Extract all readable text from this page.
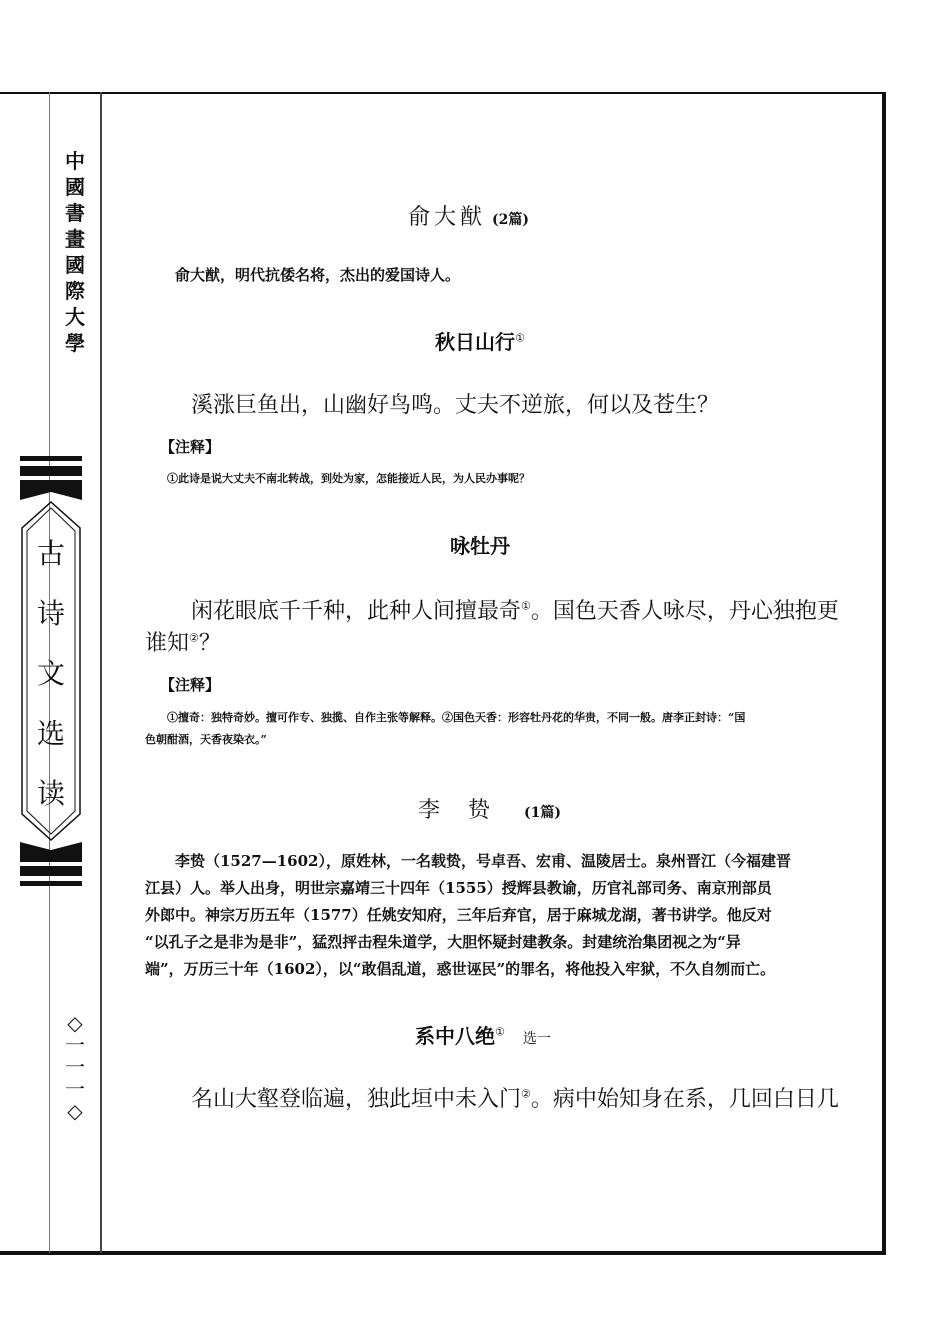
中
國
書
畫
國
際
大
學
古
诗
文
选
读
◇
一
一
一
◇

俞大猷 (2篇)

俞大猷，明代抗倭名将，杰出的爱国诗人。

秋日山行①

溪涨巨鱼出，山幽好鸟鸣。丈夫不逆旅，何以及苍生？

【注释】

①此诗是说大丈夫不南北转战，到处为家，怎能接近人民，为人民办事呢？

咏牡丹

闲花眼底千千种，此种人间擅最奇①。国色天香人咏尽，丹心独抱更

谁知②？

【注释】

①擅奇：独特奇妙。擅可作专、独揽、自作主张等解释。②国色天香：形容牡丹花的华贵，不同一般。唐李正封诗：“国

色朝酣酒，天香夜染衣。”

李贽 (1篇)

李贽（1527—1602），原姓林，一名载贽，号卓吾、宏甫、温陵居士。泉州晋江（今福建晋

江县）人。举人出身，明世宗嘉靖三十四年（1555）授辉县教谕，历官礼部司务、南京刑部员

外郎中。神宗万历五年（1577）任姚安知府，三年后弃官，居于麻城龙湖，著书讲学。他反对

“以孔子之是非为是非”，猛烈抨击程朱道学，大胆怀疑封建教条。封建统治集团视之为“异

端”，万历三十年（1602），以“敢倡乱道，惑世诬民”的罪名，将他投入牢狱，不久自刎而亡。

系中八绝① 选一

名山大壑登临遍，独此垣中未入门②。病中始知身在系，几回白日几
